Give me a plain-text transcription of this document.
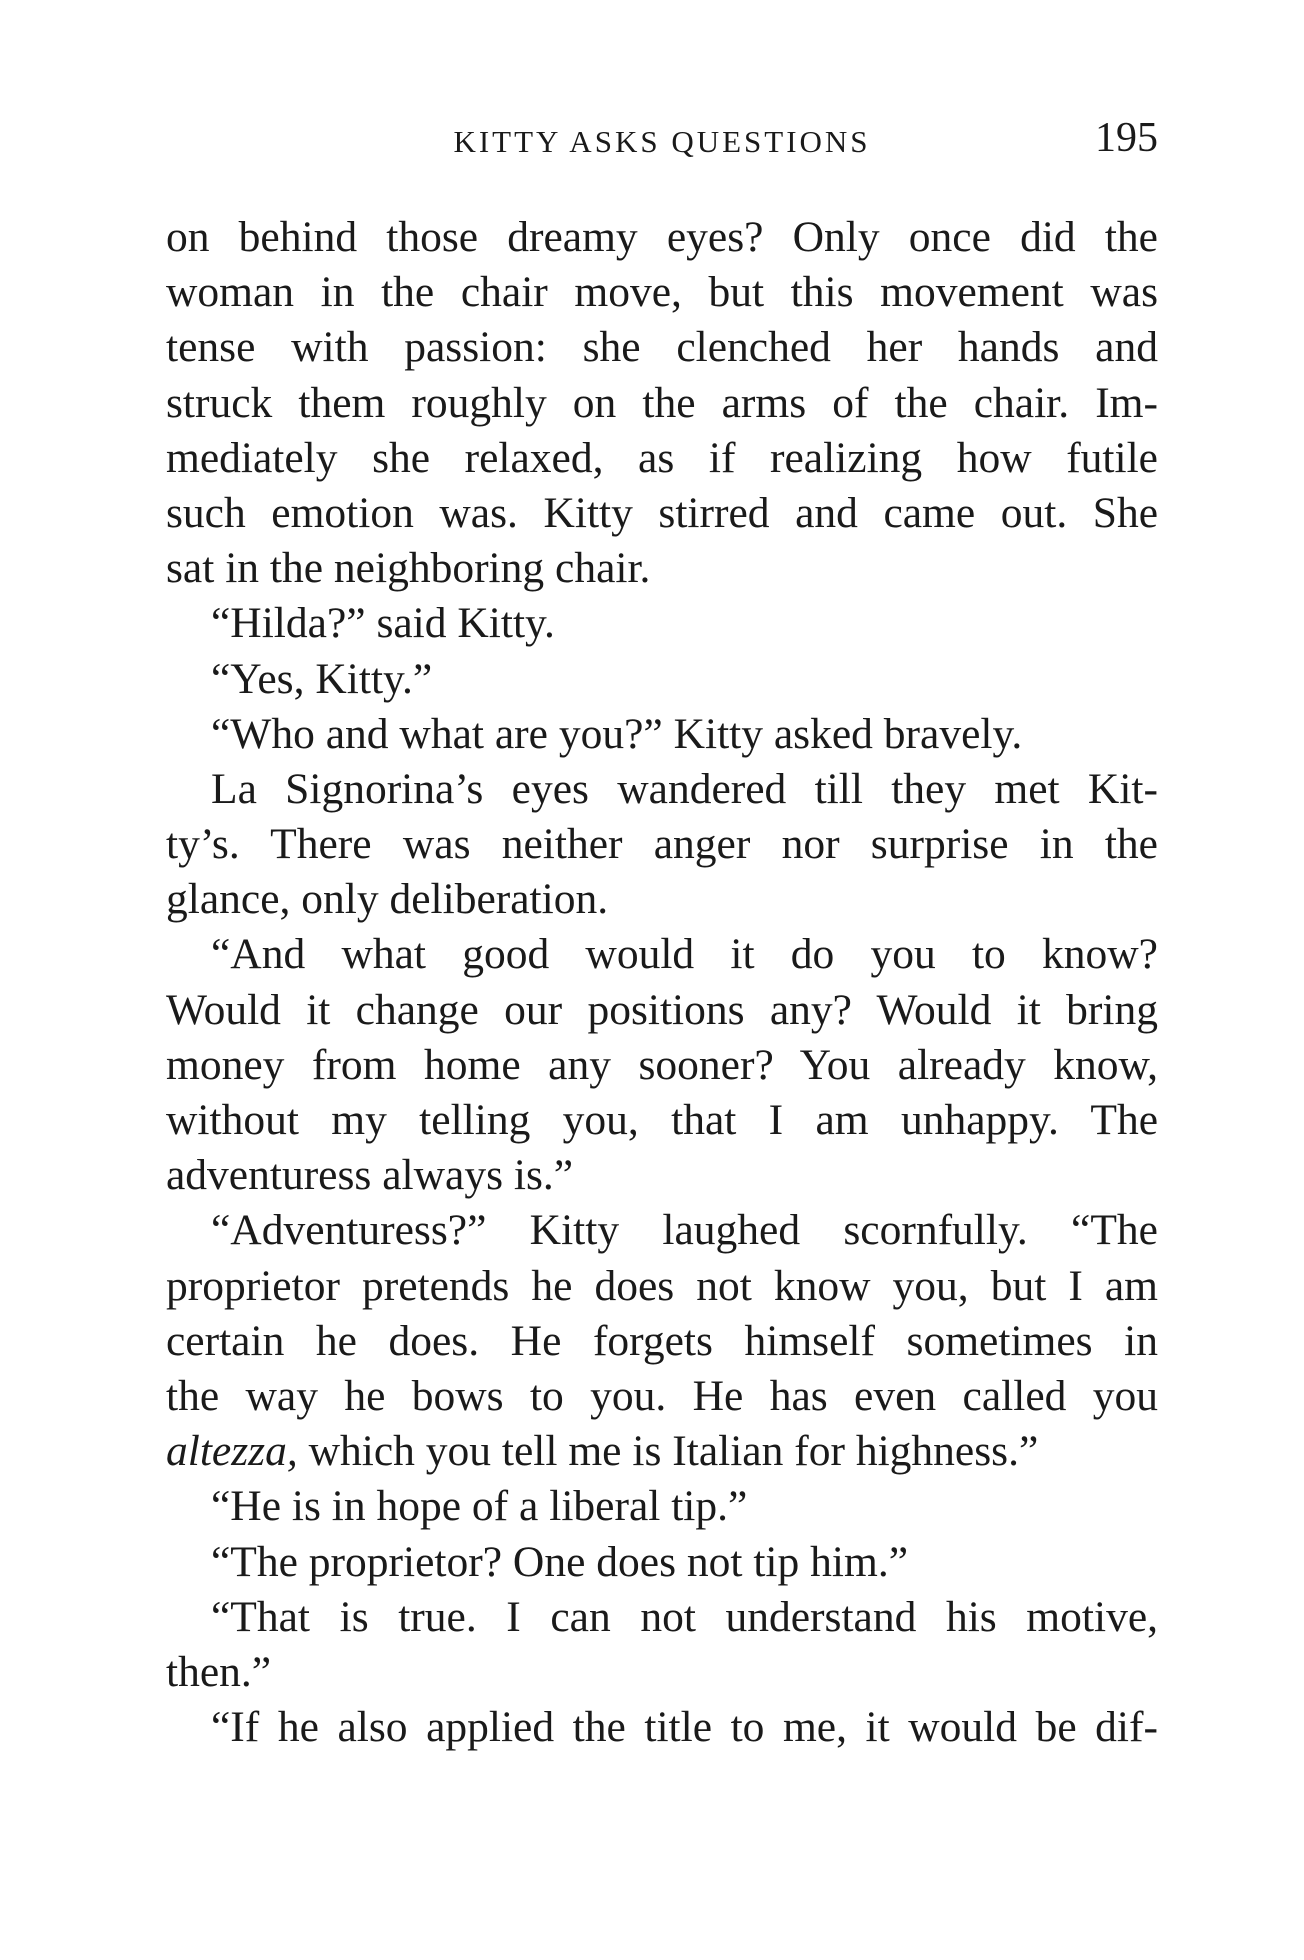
KITTY ASKS QUESTIONS	195
on behind those dreamy eyes? Only once did the
woman in the chair move, but this movement was
tense with passion: she clenched her hands and
struck them roughly on the arms of the chair. Im-
mediately she relaxed, as if realizing how futile
such emotion was. Kitty stirred and came out. She
sat in the neighboring chair.
“Hilda?” said Kitty.
“Yes, Kitty.”
“Who and what are you?” Kitty asked bravely.
La Signorina’s eyes wandered till they met Kit-
ty’s. There was neither anger nor surprise in the
glance, only deliberation.
“And what good would it do you to know?
Would it change our positions any? Would it bring
money from home any sooner? You already know,
without my telling you, that I am unhappy. The
adventuress always is.”
“Adventuress?” Kitty laughed scornfully. “The
proprietor pretends he does not know you, but I am
certain he does. He forgets himself sometimes in
the way he bows to you. He has even called you
altezza, which you tell me is Italian for highness.”
“He is in hope of a liberal tip.”
“The proprietor? One does not tip him.”
“That is true. I can not understand his motive,
then.”
“If he also applied the title to me, it would be dif-
